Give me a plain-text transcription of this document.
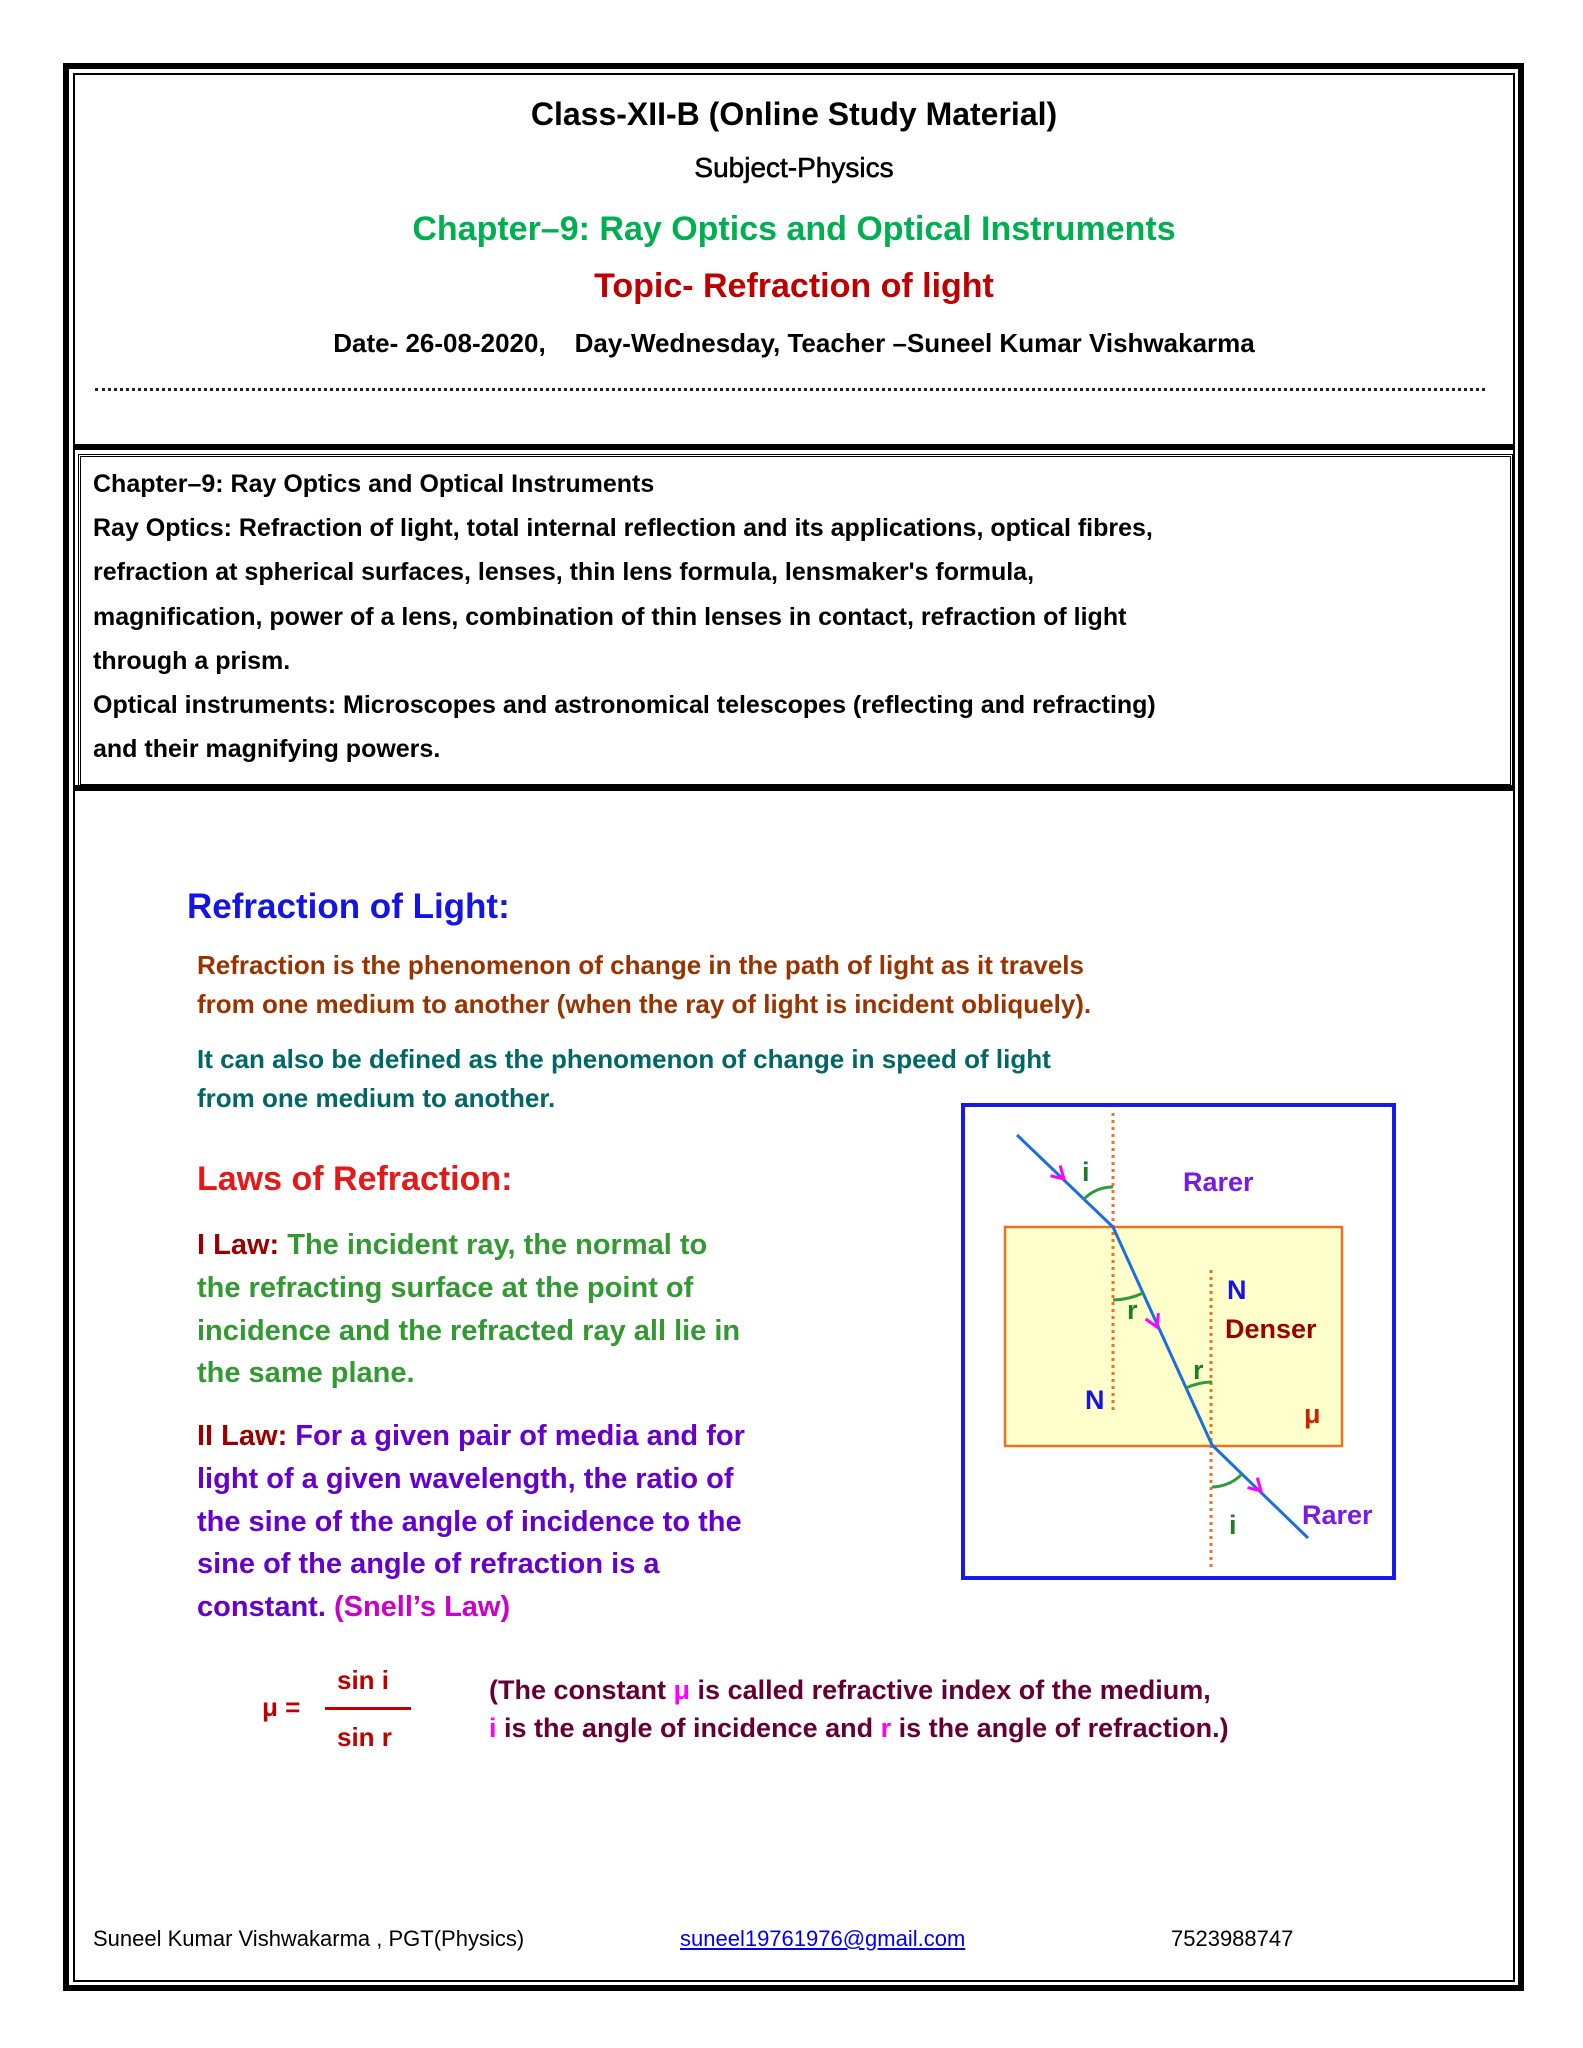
Class-XII-B (Online Study Material)
Subject-Physics
Chapter–9: Ray Optics and Optical Instruments
Topic- Refraction of light
Date- 26-08-2020,    Day-Wednesday, Teacher –Suneel Kumar Vishwakarma
Chapter–9: Ray Optics and Optical Instruments
Ray Optics: Refraction of light, total internal reflection and its applications, optical fibres,
refraction at spherical surfaces, lenses, thin lens formula, lensmaker's formula,
magnification, power of a lens, combination of thin lenses in contact, refraction of light
through a prism.
Optical instruments: Microscopes and astronomical telescopes (reflecting and refracting)
and their magnifying powers.
Refraction of Light:
Refraction is the phenomenon of change in the path of light as it travels
from one medium to another (when the ray of light is incident obliquely).
It can also be defined as the phenomenon of change in speed of light
from one medium to another.
Laws of Refraction:
I Law: The incident ray, the normal to
the refracting surface at the point of
incidence and the refracted ray all lie in
the same plane.
II Law: For a given pair of media and for
light of a given wavelength, the ratio of
the sine of the angle of incidence to the
sine of the angle of refraction is a
constant. (Snell’s Law)
μ =
sin i
sin r
(The constant μ is called refractive index of the medium,
i is the angle of incidence and r is the angle of refraction.)
i	Rarer
N
Denser
r
r
N	μ
Rarer
i
Suneel Kumar Vishwakarma , PGT(Physics)	suneel19761976@gmail.com	7523988747
